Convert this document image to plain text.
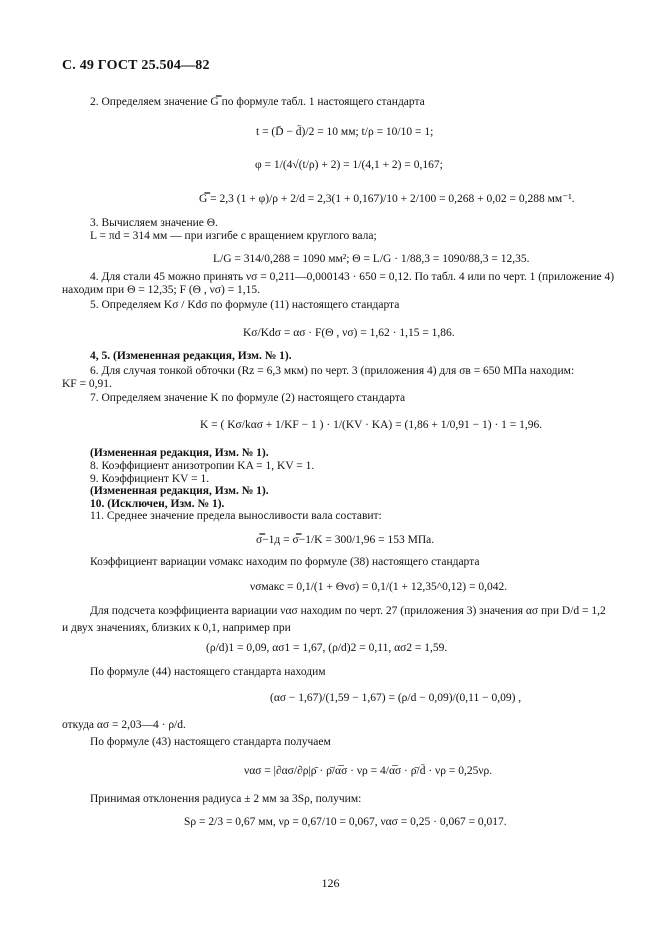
С. 49 ГОСТ 25.504—82
2. Определяем значение G̿ по формуле табл. 1 настоящего стандарта
t = (D̄ − d̄)/2 = 10 мм; t/ρ = 10/10 = 1;
φ = 1/(4√(t/ρ) + 2) = 1/(4,1 + 2) = 0,167;
G̿ = 2,3 (1 + φ)/ρ + 2/d = 2,3(1 + 0,167)/10 + 2/100 = 0,268 + 0,02 = 0,288 мм⁻¹.
3. Вычисляем значение Θ.
L = πd = 314 мм — при изгибе с вращением круглого вала;
L/G = 314/0,288 = 1090 мм²; Θ = L/G · 1/88,3 = 1090/88,3 = 12,35.
4. Для стали 45 можно принять νσ = 0,211—0,000143 · 650 = 0,12. По табл. 4 или по черт. 1 (приложение 4)
находим при Θ = 12,35; F (Θ , νσ) = 1,15.
5. Определяем Kσ / Kdσ по формуле (11) настоящего стандарта
Kσ/Kdσ = ασ · F(Θ , νσ) = 1,62 · 1,15 = 1,86.
4, 5. (Измененная редакция, Изм. № 1).
6. Для случая тонкой обточки (Rz = 6,3 мкм) по черт. 3 (приложения 4) для σв = 650 МПа находим:
KF = 0,91.
7. Определяем значение K по формуле (2) настоящего стандарта
K = ( Kσ/kασ + 1/KF − 1 ) · 1/(KV · KA) = (1,86 + 1/0,91 − 1) · 1 = 1,96.
(Измененная редакция, Изм. № 1).
8. Коэффициент анизотропии KA = 1, KV = 1.
9. Коэффициент KV = 1.
(Измененная редакция, Изм. № 1).
10. (Исключен, Изм. № 1).
11. Среднее значение предела выносливости вала составит:
σ̿−1д = σ̿−1/K = 300/1,96 = 153 МПа.
Коэффициент вариации νσмакс находим по формуле (38) настоящего стандарта
νσмакс = 0,1/(1 + Θνσ) = 0,1/(1 + 12,35^0,12) = 0,042.
Для подсчета коэффициента вариации νασ находим по черт. 27 (приложения 3) значения ασ при D/d = 1,2
и двух значениях, близких к 0,1, например при
(ρ/d)1 = 0,09, ασ1 = 1,67, (ρ/d)2 = 0,11, ασ2 = 1,59.
По формуле (44) настоящего стандарта находим
(ασ − 1,67)/(1,59 − 1,67) = (ρ/d − 0,09)/(0,11 − 0,09) ,
откуда ασ = 2,03—4 · ρ/d.
По формуле (43) настоящего стандарта получаем
νασ = |∂ασ/∂ρ|ρ̄ · ρ̄/α̅σ · νρ = 4/α̅σ · ρ̄/d̄ · νρ = 0,25νρ.
Принимая отклонения радиуса ± 2 мм за 3Sρ, получим:
Sρ = 2/3 = 0,67 мм, νρ = 0,67/10 = 0,067, νασ = 0,25 · 0,067 = 0,017.
126
